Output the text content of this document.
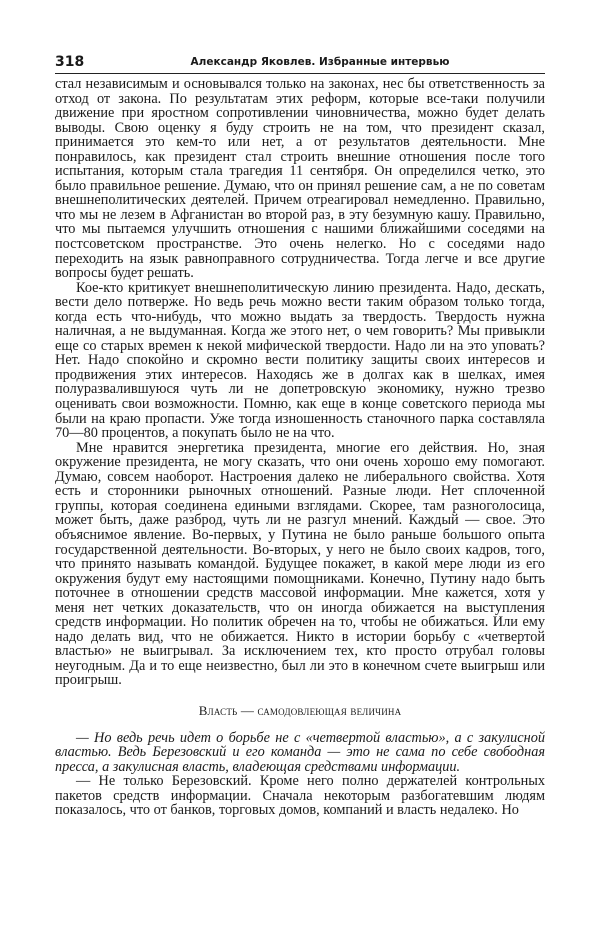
318	Александр Яковлев. Избранные интервью

стал независимым и основывался только на законах, нес бы ответственность за отход от закона. По результатам этих реформ, которые все-таки получили движение при яростном сопротивлении чиновничества, можно будет делать выводы. Свою оценку я буду строить не на том, что президент сказал, принимается это кем-то или нет, а от результатов деятельности. Мне понравилось, как президент стал строить внешние отношения после того испытания, которым стала трагедия 11 сентября. Он определился четко, это было правильное решение. Думаю, что он принял решение сам, а не по советам внешнеполитических деятелей. Причем отреагировал немедленно. Правильно, что мы не лезем в Афганистан во второй раз, в эту безумную кашу. Правильно, что мы пытаемся улучшить отношения с нашими ближайшими соседями на постсоветском пространстве. Это очень нелегко. Но с соседями надо переходить на язык равноправного сотрудничества. Тогда легче и все другие вопросы будет решать.

Кое-кто критикует внешнеполитическую линию президента. Надо, дескать, вести дело потверже. Но ведь речь можно вести таким образом только тогда, когда есть что-нибудь, что можно выдать за твердость. Твердость нужна наличная, а не выдуманная. Когда же этого нет, о чем говорить? Мы привыкли еще со старых времен к некой мифической твердости. Надо ли на это уповать? Нет. Надо спокойно и скромно вести политику защиты своих интересов и продвижения этих интересов. Находясь же в долгах как в шелках, имея полуразвалившуюся чуть ли не допетровскую экономику, нужно трезво оценивать свои возможности. Помню, как еще в конце советского периода мы были на краю пропасти. Уже тогда изношенность станочного парка составляла 70—80 процентов, а покупать было не на что.

Мне нравится энергетика президента, многие его действия. Но, зная окружение президента, не могу сказать, что они очень хорошо ему помогают. Думаю, совсем наоборот. Настроения далеко не либерального свойства. Хотя есть и сторонники рыночных отношений. Разные люди. Нет сплоченной группы, которая соединена едиными взглядами. Скорее, там разноголосица, может быть, даже разброд, чуть ли не разгул мнений. Каждый — свое. Это объяснимое явление. Во-первых, у Путина не было раньше большого опыта государственной деятельности. Во-вторых, у него не было своих кадров, того, что принято называть командой. Будущее покажет, в какой мере люди из его окружения будут ему настоящими помощниками. Конечно, Путину надо быть поточнее в отношении средств массовой информации. Мне кажется, хотя у меня нет четких доказательств, что он иногда обижается на выступления средств информации. Но политик обречен на то, чтобы не обижаться. Или ему надо делать вид, что не обижается. Никто в истории борьбу с «четвертой властью» не выигрывал. За исключением тех, кто просто отрубал головы неугодным. Да и то еще неизвестно, был ли это в конечном счете выигрыш или проигрыш.

Власть — самодовлеющая величина

— Но ведь речь идет о борьбе не с «четвертой властью», а с закулисной властью. Ведь Березовский и его команда — это не сама по себе свободная пресса, а закулисная власть, владеющая средствами информации.

— Не только Березовский. Кроме него полно держателей контрольных пакетов средств информации. Сначала некоторым разбогатевшим людям показалось, что от банков, торговых домов, компаний и власть недалеко. Но
